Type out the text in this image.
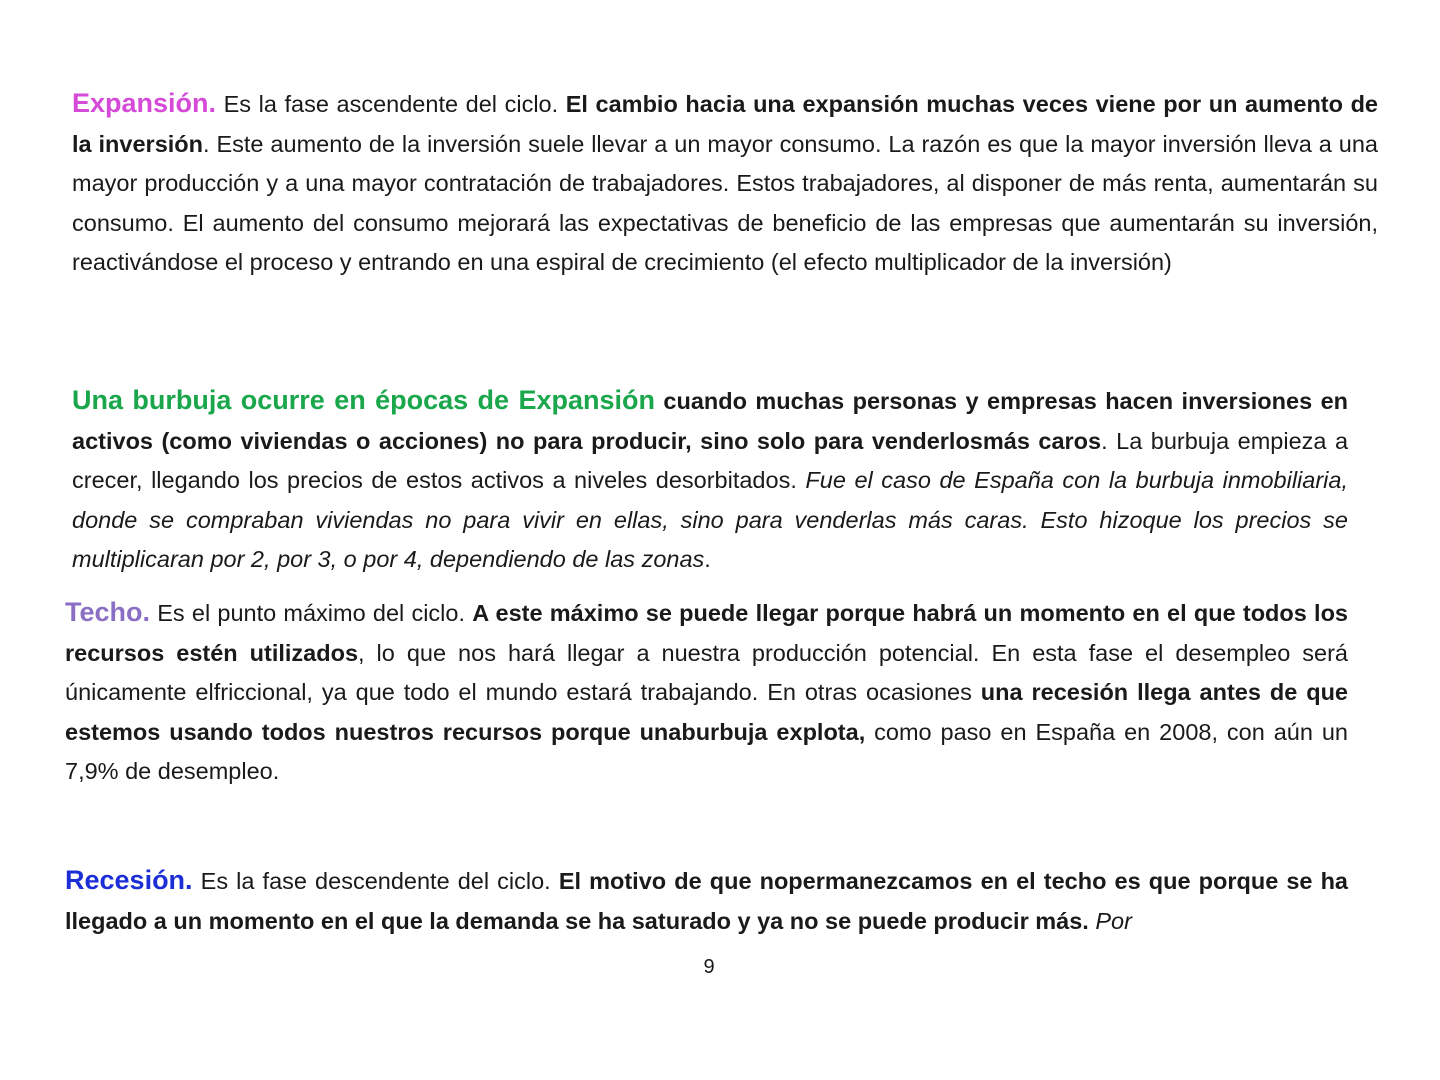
Expansión. Es la fase ascendente del ciclo. El cambio hacia una expansión muchas veces viene por un aumento de la inversión. Este aumento de la inversión suele llevar a un mayor consumo. La razón es que la mayor inversión lleva a una mayor producción y a una mayor contratación de trabajadores. Estos trabajadores, al disponer de más renta, aumentarán su consumo. El aumento del consumo mejorará las expectativas de beneficio de las empresas que aumentarán su inversión, reactivándose el proceso y entrando en una espiral de crecimiento (el efecto multiplicador de la inversión)

Una burbuja ocurre en épocas de Expansión cuando muchas personas y empresas hacen inversiones en activos (como viviendas o acciones) no para producir, sino solo para venderlosmás caros. La burbuja empieza a crecer, llegando los precios de estos activos a niveles desorbitados. Fue el caso de España con la burbuja inmobiliaria, donde se compraban viviendas no para vivir en ellas, sino para venderlas más caras. Esto hizoque los precios se multiplicaran por 2, por 3, o por 4, dependiendo de las zonas.

Techo. Es el punto máximo del ciclo. A este máximo se puede llegar porque habrá un momento en el que todos los recursos estén utilizados, lo que nos hará llegar a nuestra producción potencial. En esta fase el desempleo será únicamente elfriccional, ya que todo el mundo estará trabajando. En otras ocasiones una recesión llega antes de que estemos usando todos nuestros recursos porque unaburbuja explota, como paso en España en 2008, con aún un 7,9% de desempleo.

Recesión. Es la fase descendente del ciclo. El motivo de que nopermanezcamos en el techo es que porque se ha llegado a un momento en el que la demanda se ha saturado y ya no se puede producir más. Por

9
